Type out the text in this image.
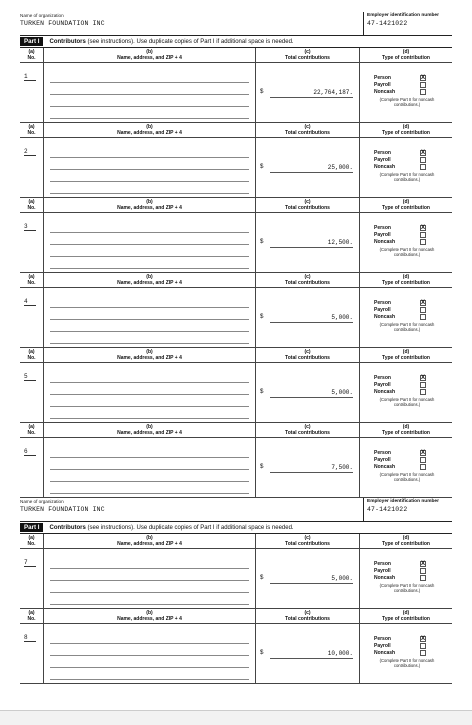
Name of organization
TURKEN FOUNDATION INC
Employer identification number
47-1421022
Part I	Contributors (see instructions). Use duplicate copies of Part I if additional space is needed.
(a)
No.
(b)
Name, address, and ZIP + 4
(c)
Total contributions
(d)
Type of contribution
1
$	22,764,187.
Person	X
Payroll
Noncash
(Complete Part II for noncash contributions.)
(a)
No.
(b)
Name, address, and ZIP + 4
(c)
Total contributions
(d)
Type of contribution
2
$	25,000.
Person	X
Payroll
Noncash
(Complete Part II for noncash contributions.)
(a)
No.
(b)
Name, address, and ZIP + 4
(c)
Total contributions
(d)
Type of contribution
3
$	12,500.
Person	X
Payroll
Noncash
(Complete Part II for noncash contributions.)
(a)
No.
(b)
Name, address, and ZIP + 4
(c)
Total contributions
(d)
Type of contribution
4
$	5,000.
Person	X
Payroll
Noncash
(Complete Part II for noncash contributions.)
(a)
No.
(b)
Name, address, and ZIP + 4
(c)
Total contributions
(d)
Type of contribution
5
$	5,000.
Person	X
Payroll
Noncash
(Complete Part II for noncash contributions.)
(a)
No.
(b)
Name, address, and ZIP + 4
(c)
Total contributions
(d)
Type of contribution
6
$	7,500.
Person	X
Payroll
Noncash
(Complete Part II for noncash contributions.)
Name of organization
TURKEN FOUNDATION INC
Employer identification number
47-1421022
Part I	Contributors (see instructions). Use duplicate copies of Part I if additional space is needed.
(a)
No.
(b)
Name, address, and ZIP + 4
(c)
Total contributions
(d)
Type of contribution
7
$	5,000.
Person	X
Payroll
Noncash
(Complete Part II for noncash contributions.)
(a)
No.
(b)
Name, address, and ZIP + 4
(c)
Total contributions
(d)
Type of contribution
8
$	10,000.
Person	X
Payroll
Noncash
(Complete Part II for noncash contributions.)
